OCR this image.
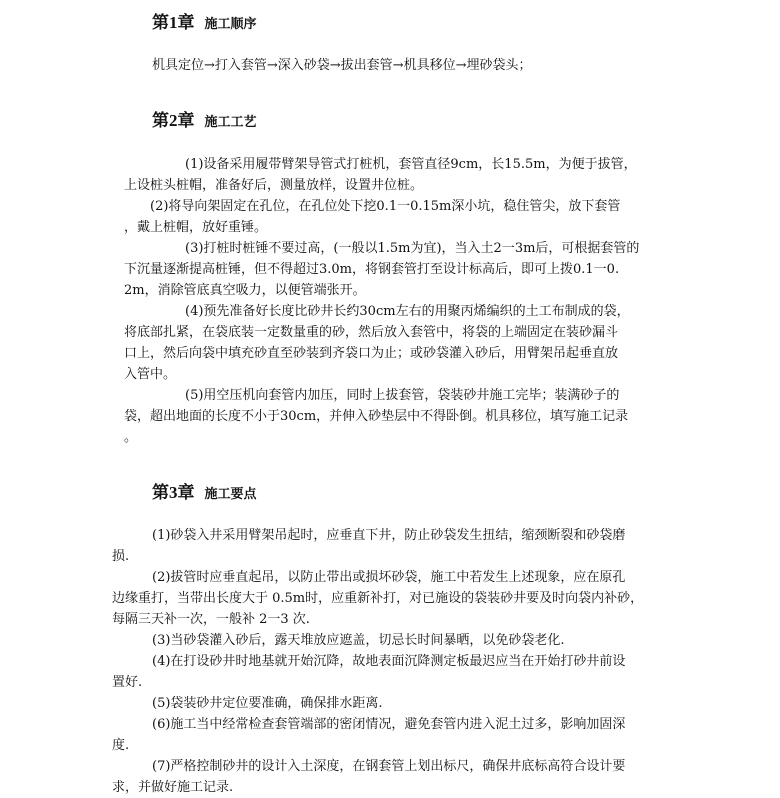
第1章 施工顺序
机具定位→打入套管→深入砂袋→拔出套管→机具移位→埋砂袋头；
第2章 施工工艺
(1)设备采用履带臂架导管式打桩机，套管直径9cm，长15.5m，为便于拔管，
上设桩头桩帽，准备好后，测量放样，设置井位桩。
(2)将导向架固定在孔位，在孔位处下挖0.1一0.15m深小坑，稳住管尖，放下套管
，戴上桩帽，放好重锤。
(3)打桩时桩锤不要过高，(一般以1.5m为宜)，当入土2一3m后，可根据套管的
下沉量逐渐提高桩锤，但不得超过3.0m，将钢套管打至设计标高后，即可上拨0.1一0.
2m，消除管底真空吸力，以便管端张开。
(4)预先准备好长度比砂井长约30cm左右的用聚丙烯编织的土工布制成的袋，
将底部扎紧，在袋底装一定数量重的砂，然后放入套管中，将袋的上端固定在装砂漏斗
口上，然后向袋中填充砂直至砂装到齐袋口为止；或砂袋灌入砂后，用臂架吊起垂直放
入管中。
(5)用空压机向套管内加压，同时上拔套管，袋装砂井施工完毕；装满砂子的
袋，超出地面的长度不小于30cm，并伸入砂垫层中不得卧倒。机具移位，填写施工记录
。
第3章 施工要点
(1)砂袋入井采用臂架吊起时，应垂直下井，防止砂袋发生扭结，缩颈断裂和砂袋磨
损.
(2)拔管时应垂直起吊，以防止带出或损坏砂袋，施工中若发生上述现象，应在原孔
边缘重打，当带出长度大于 0.5m时，应重新补打，对已施设的袋装砂井要及时向袋内补砂，
每隔三天补一次，一般补 2一3 次.
(3)当砂袋灌入砂后，露天堆放应遮盖，切忌长时间暴晒，以免砂袋老化.
(4)在打设砂井时地基就开始沉降，故地表面沉降测定板最迟应当在开始打砂井前设
置好.
(5)袋装砂井定位要准确，确保排水距离.
(6)施工当中经常检查套管端部的密闭情况，避免套管内进入泥土过多，影响加固深
度.
(7)严格控制砂井的设计入土深度，在钢套管上划出标尺，确保井底标高符合设计要
求，并做好施工记录.
